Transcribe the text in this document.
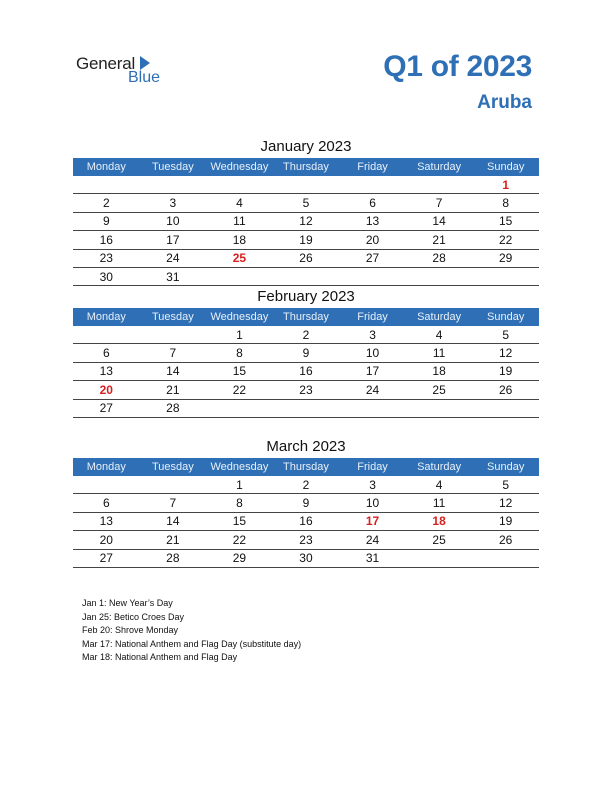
General
Blue	Q1 of 2023
Aruba
January 2023
Monday	Tuesday	Wednesday	Thursday	Friday	Saturday	Sunday
						1
2	3	4	5	6	7	8
9	10	11	12	13	14	15
16	17	18	19	20	21	22
23	24	25	26	27	28	29
30	31					
February 2023
Monday	Tuesday	Wednesday	Thursday	Friday	Saturday	Sunday
		1	2	3	4	5
6	7	8	9	10	11	12
13	14	15	16	17	18	19
20	21	22	23	24	25	26
27	28					
March 2023
Monday	Tuesday	Wednesday	Thursday	Friday	Saturday	Sunday
		1	2	3	4	5
6	7	8	9	10	11	12
13	14	15	16	17	18	19
20	21	22	23	24	25	26
27	28	29	30	31		
Jan 1: New Year’s Day
Jan 25: Betico Croes Day
Feb 20: Shrove Monday
Mar 17: National Anthem and Flag Day (substitute day)
Mar 18: National Anthem and Flag Day
